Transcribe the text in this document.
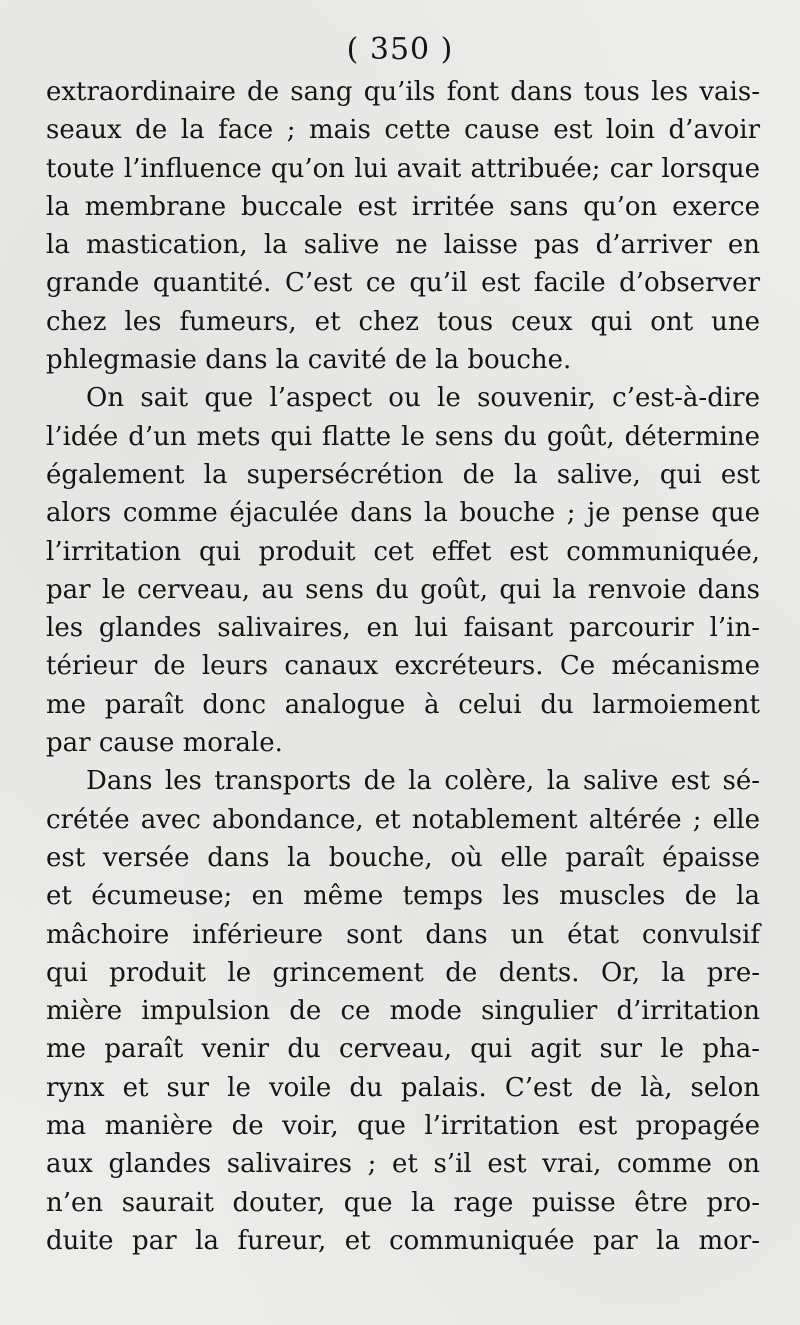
( 350 )
extraordinaire de sang qu’ils font dans tous les vais-
seaux de la face ; mais cette cause est loin d’avoir
toute l’influence qu’on lui avait attribuée; car lorsque
la membrane buccale est irritée sans qu’on exerce
la mastication, la salive ne laisse pas d’arriver en
grande quantité. C’est ce qu’il est facile d’observer
chez les fumeurs, et chez tous ceux qui ont une
phlegmasie dans la cavité de la bouche.
On sait que l’aspect ou le souvenir, c’est-à-dire
l’idée d’un mets qui flatte le sens du goût, détermine
également la supersécrétion de la salive, qui est
alors comme éjaculée dans la bouche ; je pense que
l’irritation qui produit cet effet est communiquée,
par le cerveau, au sens du goût, qui la renvoie dans
les glandes salivaires, en lui faisant parcourir l’in-
térieur de leurs canaux excréteurs. Ce mécanisme
me paraît donc analogue à celui du larmoiement
par cause morale.
Dans les transports de la colère, la salive est sé-
crétée avec abondance, et notablement altérée ; elle
est versée dans la bouche, où elle paraît épaisse
et écumeuse; en même temps les muscles de la
mâchoire inférieure sont dans un état convulsif
qui produit le grincement de dents. Or, la pre-
mière impulsion de ce mode singulier d’irritation
me paraît venir du cerveau, qui agit sur le pha-
rynx et sur le voile du palais. C’est de là, selon
ma manière de voir, que l’irritation est propagée
aux glandes salivaires ; et s’il est vrai, comme on
n’en saurait douter, que la rage puisse être pro-
duite par la fureur, et communiquée par la mor-
